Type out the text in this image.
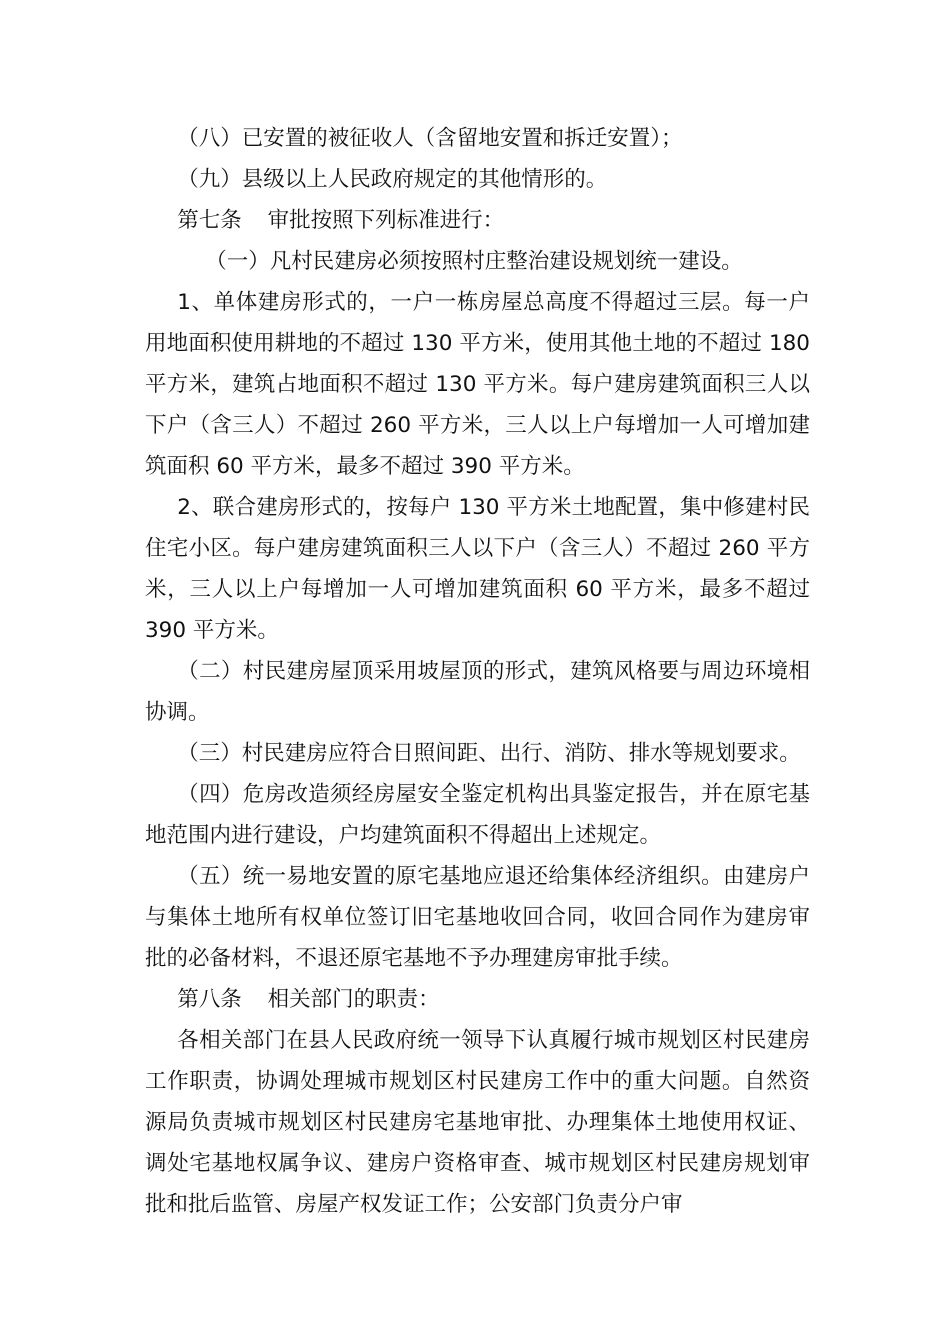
（八）已安置的被征收人（含留地安置和拆迁安置）；

（九）县级以上人民政府规定的其他情形的。

第七条 审批按照下列标准进行：

（一）凡村民建房必须按照村庄整治建设规划统一建设。

1、单体建房形式的，一户一栋房屋总高度不得超过三层。每一户用地面积使用耕地的不超过 130 平方米，使用其他土地的不超过 180 平方米，建筑占地面积不超过 130 平方米。每户建房建筑面积三人以下户（含三人）不超过 260 平方米，三人以上户每增加一人可增加建筑面积 60 平方米，最多不超过 390 平方米。

2、联合建房形式的，按每户 130 平方米土地配置，集中修建村民住宅小区。每户建房建筑面积三人以下户（含三人）不超过 260 平方米，三人以上户每增加一人可增加建筑面积 60 平方米，最多不超过 390 平方米。

（二）村民建房屋顶采用坡屋顶的形式，建筑风格要与周边环境相协调。

（三）村民建房应符合日照间距、出行、消防、排水等规划要求。

（四）危房改造须经房屋安全鉴定机构出具鉴定报告，并在原宅基地范围内进行建设，户均建筑面积不得超出上述规定。

（五）统一易地安置的原宅基地应退还给集体经济组织。由建房户与集体土地所有权单位签订旧宅基地收回合同，收回合同作为建房审批的必备材料，不退还原宅基地不予办理建房审批手续。

第八条 相关部门的职责：

各相关部门在县人民政府统一领导下认真履行城市规划区村民建房工作职责，协调处理城市规划区村民建房工作中的重大问题。自然资源局负责城市规划区村民建房宅基地审批、办理集体土地使用权证、调处宅基地权属争议、建房户资格审查、城市规划区村民建房规划审批和批后监管、房屋产权发证工作；公安部门负责分户审
